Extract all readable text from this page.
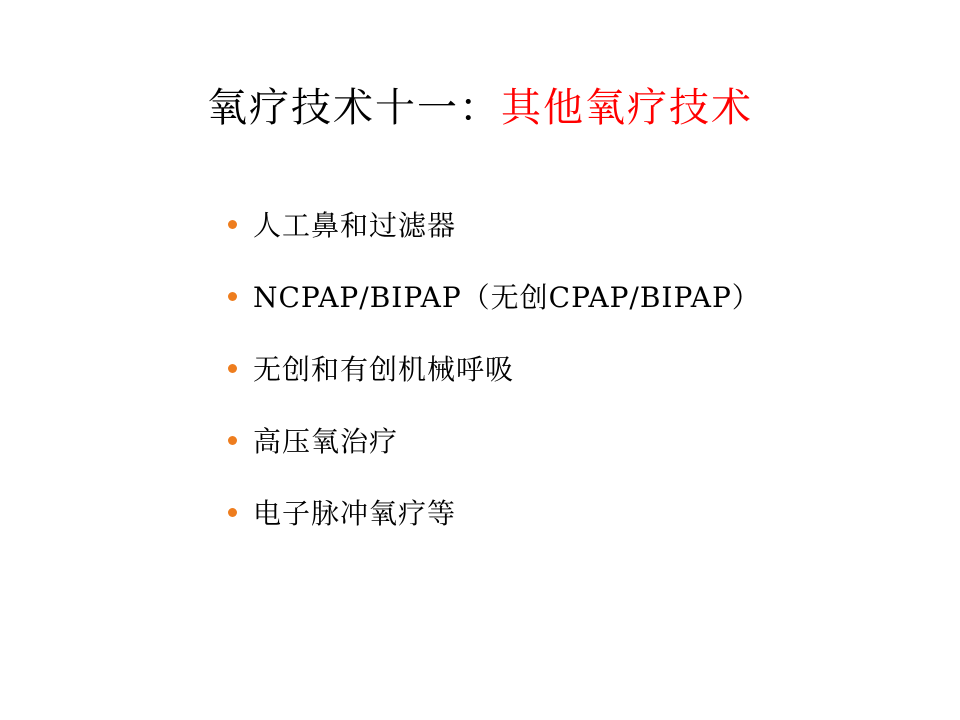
氧疗技术十一：其他氧疗技术
人工鼻和过滤器
NCPAP/BIPAP（无创CPAP/BIPAP）
无创和有创机械呼吸
高压氧治疗
电子脉冲氧疗等
